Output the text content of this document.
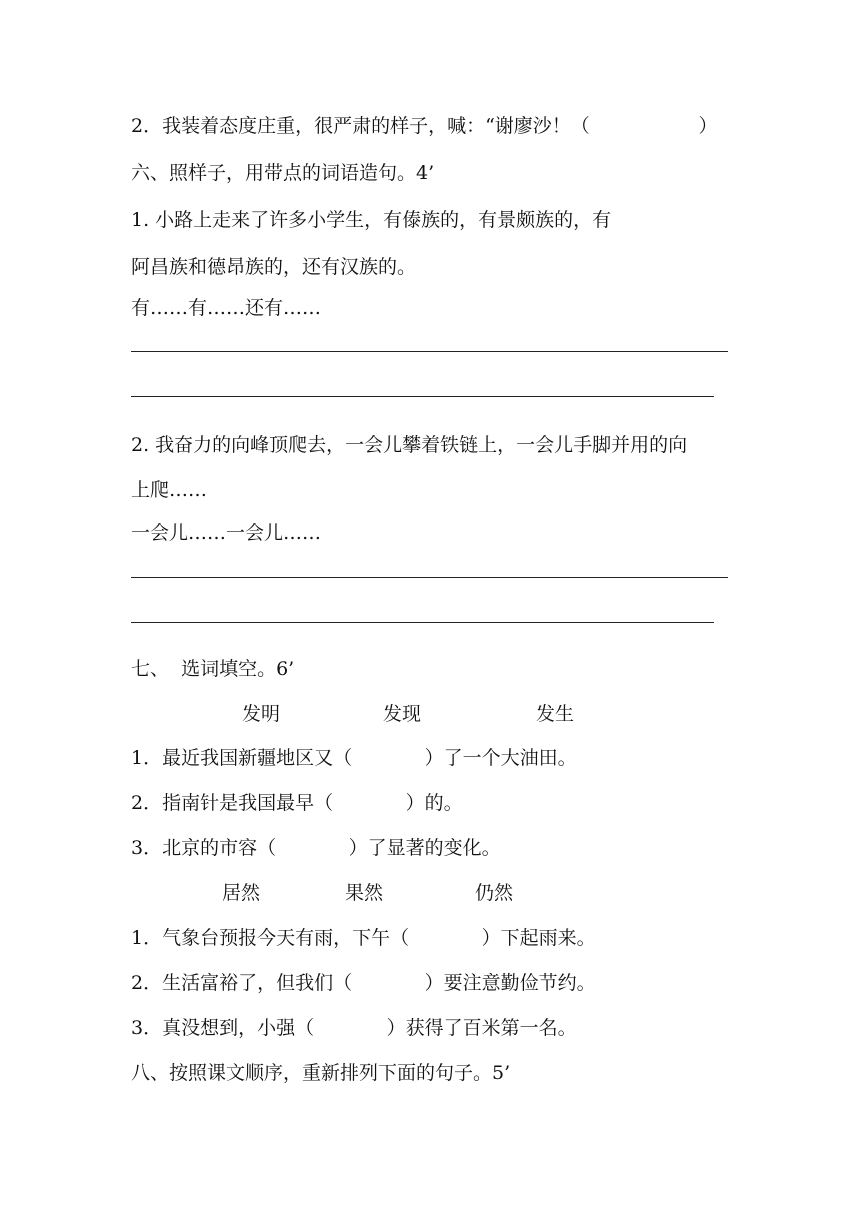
2．我装着态度庄重，很严肃的样子，喊：“谢廖沙！（                  ）
六、照样子，用带点的词语造句。4’
1. 小路上走来了许多小学生，有傣族的，有景颇族的，有
阿昌族和德昂族的，还有汉族的。
有……有……还有……
2. 我奋力的向峰顶爬去，一会儿攀着铁链上，一会儿手脚并用的向
上爬……
一会儿……一会儿……
七、  选词填空。6’
发明	发现	发生
1．最近我国新疆地区又（            ）了一个大油田。
2．指南针是我国最早（            ）的。
3．北京的市容（            ）了显著的变化。
居然	果然	仍然
1．气象台预报今天有雨，下午（            ）下起雨来。
2．生活富裕了，但我们（            ）要注意勤俭节约。
3．真没想到，小强（            ）获得了百米第一名。
八、按照课文顺序，重新排列下面的句子。5’
